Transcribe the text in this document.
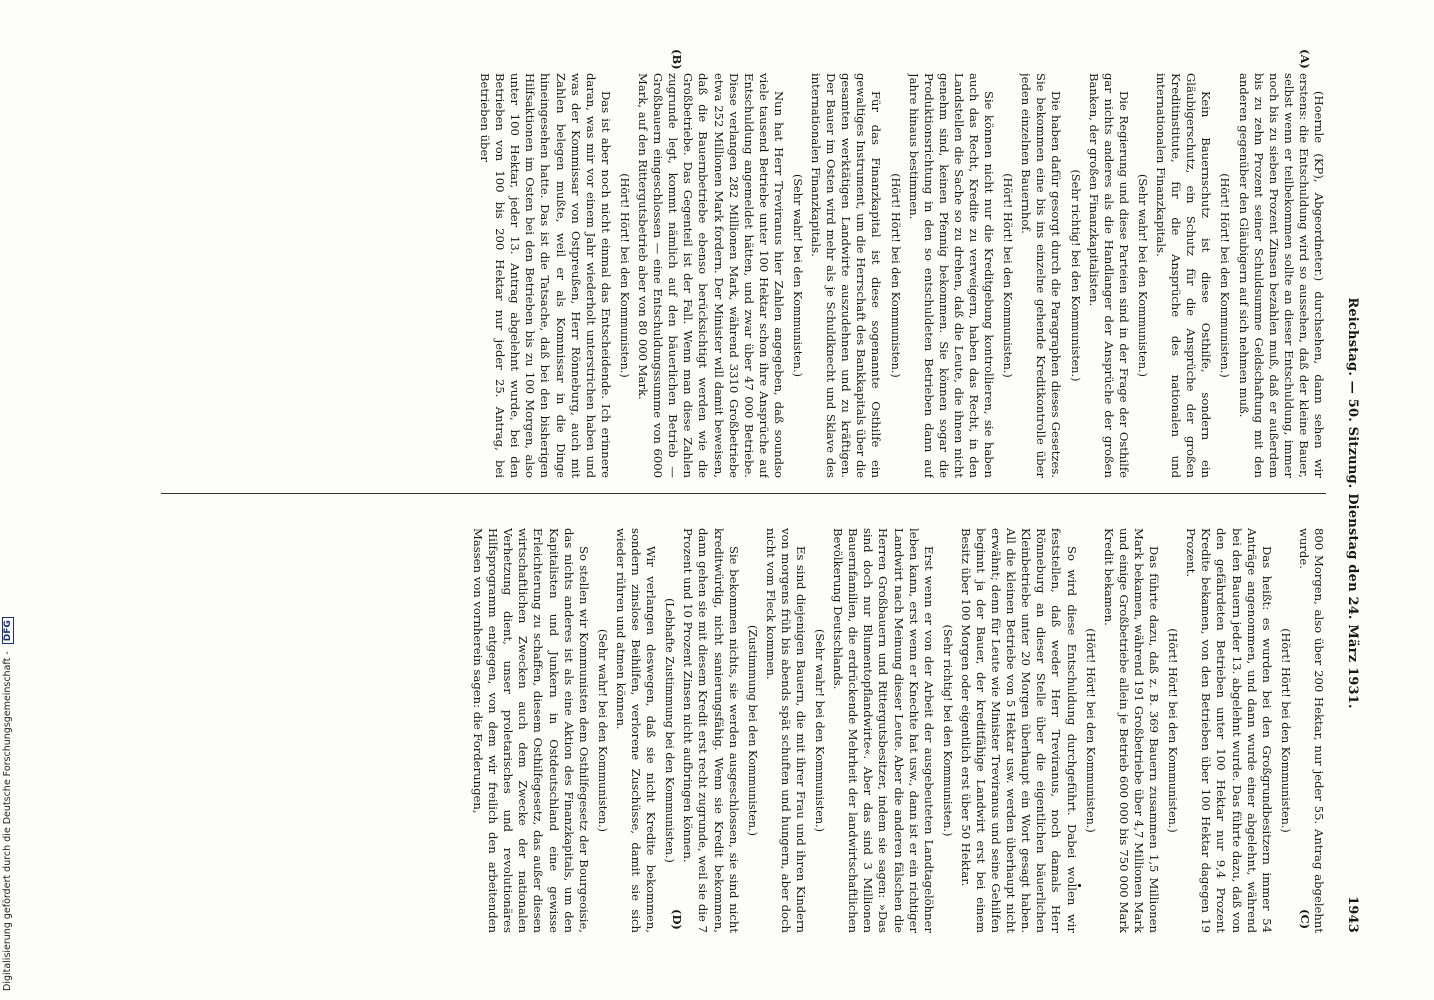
Digitalisierung gefördert durch die Deutsche Forschungsgemeinschaft - DFG	Reichstag. — 50. Sitzung. Dienstag den 24. März 1931.
1943
(A)
(B)
(C)
(D)

(Hoernle (KP), Abgeordneter.) durchsehen, dann sehen wir erstens: die Entschuldung wird so aussehen, daß der kleine Bauer, selbst wenn er teilbekommen sollte an dieser Entschuldung, immer noch bis zu sieben Prozent Zinsen bezahlen muß, daß er außerdem bis zu zehn Prozent seiner Schuldsumme Geldschaftung mit den anderen gegenüber den Gläubigern auf sich nehmen muß.

(Hört! Hört! bei den Kommunisten.)

Kein Bauernschutz ist diese Osthilfe, sondern ein Gläubigerschutz, ein Schutz für die Ansprüche der großen Kreditinstitute, für die Ansprüche des nationalen und internationalen Finanzkapitals.

(Sehr wahr! bei den Kommunisten.)

Die Regierung und diese Parteien sind in der Frage der Osthilfe gar nichts anderes als die Handlanger der Ansprüche der großen Banken, der großen Finanzkapitalisten.

(Sehr richtig! bei den Kommunisten.)

Die haben dafür gesorgt durch die Paragraphen dieses Gesetzes. Sie bekommen eine bis ins einzelne gehende Kreditkontrolle über jeden einzelnen Bauernhof.

(Hört! Hört! bei den Kommunisten.)

Sie können nicht nur die Kreditgebung kontrollieren, sie haben auch das Recht, Kredite zu verweigern, haben das Recht, in den Landstellen die Sache so zu drehen, daß die Leute, die ihnen nicht genehm sind, keinen Pfennig bekommen. Sie können sogar die Produktionsrichtung in den so entschuldeten Betrieben dann auf Jahre hinaus bestimmen.

(Hört! Hört! bei den Kommunisten.)

Für das Finanzkapital ist diese sogenannte Osthilfe ein gewaltiges Instrument, um die Herrschaft des Bankkapitals über die gesamten werktätigen Landwirte auszudehnen und zu kräftigen. Der Bauer im Osten wird mehr als je Schuldknecht und Sklave des internationalen Finanzkapitals.

(Sehr wahr! bei den Kommunisten.)

Nun hat Herr Treviranus hier Zahlen angegeben, daß soundso viele tausend Betriebe unter 100 Hektar schon ihre Ansprüche auf Entschuldung angemeldet hätten, und zwar über 47 000 Betriebe. Diese verlangen 282 Millionen Mark, während 3310 Großbetriebe etwa 252 Millionen Mark fordern. Der Minister will damit beweisen, daß die Bauernbetriebe ebenso berücksichtigt werden wie die Großbetriebe. Das Gegenteil ist der Fall. Wenn man diese Zahlen zugrunde legt, kommt nämlich auf den bäuerlichen Betrieb — Großbauern eingeschlossen — eine Entschuldungssumme von 6000 Mark, auf den Rittergutsbetrieb aber von 80 000 Mark.

(Hört! Hört! bei den Kommunisten.)

Das ist aber noch nicht einmal das Entscheidende. Ich erinnere daran, was mir vor einem Jahr wiederholt unterstrichen haben und was der Kommissar von Ostpreußen, Herr Rönneburg, auch mit Zahlen belegen mußte, weil er als Kommissar in die Dinge hineingesehen hatte. Das ist die Tatsache, daß bei den bisherigen Hilfsaktionen im Osten bei den Betrieben bis zu 100 Morgen, also unter 100 Hektar, jeder 13. Antrag abgelehnt wurde, bei den Betrieben von 100 bis 200 Hektar nur jeder 25. Antrag, bei Betrieben über

800 Morgen, also über 200 Hektar, nur jeder 55. Antrag abgelehnt wurde.

(Hört! Hört! bei den Kommunisten.)

Das heißt: es wurden bei den Großgrundbesitzern immer 54 Anträge angenommen, und dann wurde einer abgelehnt, während bei den Bauern jeder 13. abgelehnt wurde. Das führte dazu, daß von den gefährdeten Betrieben unter 100 Hektar nur 9,4 Prozent Kredite bekamen, von den Betrieben über 100 Hektar dagegen 19 Prozent.

(Hört! Hört! bei den Kommunisten.)

Das führte dazu, daß z. B. 369 Bauern zusammen 1,5 Millionen Mark bekamen, während 191 Großbetriebe über 4,7 Millionen Mark und einige Großbetriebe allein je Betrieb 600 000 bis 750 000 Mark Kredit bekamen.

(Hört! Hört! bei den Kommunisten.)

So wird diese Entschuldung durchgeführt. Dabei wollen wir feststellen, daß weder Herr Treviranus, noch damals Herr Rönneburg an dieser Stelle über die eigentlichen bäuerlichen Kleinbetriebe unter 20 Morgen überhaupt ein Wort gesagt haben. All die kleinen Betriebe von 5 Hektar usw. werden überhaupt nicht erwähnt; denn für Leute wie Minister Treviranus und seine Gehilfen beginnt ja der Bauer, der kreditfähige Landwirt erst bei einem Besitz über 100 Morgen oder eigentlich erst über 50 Hektar.

(Sehr richtig! bei den Kommunisten.)

Erst wenn er von der Arbeit der ausgebeuteten Landtagelöhner leben kann, erst wenn er Knechte hat usw., dann ist er ein richtiger Landwirt nach Meinung dieser Leute. Aber die anderen fälschen die Herren Großbauern und Rittergutsbesitzer, indem sie sagen: »Das sind doch nur Blumentopflandwirte«. Aber das sind 3 Millionen Bauernfamilien, die erdrückende Mehrheit der landwirtschaftlichen Bevölkerung Deutschlands.

(Sehr wahr! bei den Kommunisten.)

Es sind diejenigen Bauern, die mit ihrer Frau und ihren Kindern von morgens früh bis abends spät schuften und hungern, aber doch nicht vom Fleck kommen.

(Zustimmung bei den Kommunisten.)

Sie bekommen nichts, sie werden ausgeschlossen, sie sind nicht kreditwürdig, nicht sanierungsfähig. Wenn sie Kredit bekommen, dann gehen sie mit diesem Kredit erst recht zugrunde, weil sie die 7 Prozent und 10 Prozent Zinsen nicht aufbringen können.

(Lebhafte Zustimmung bei den Kommunisten.)

Wir verlangen deswegen, daß sie nicht Kredite bekommen, sondern zinslose Beihilfen, verlorene Zuschüsse, damit sie sich wieder rühren und atmen können.

(Sehr wahr! bei den Kommunisten.)

So stellen wir Kommunisten dem Osthilfegesetz der Bourgeoisie, das nichts anderes ist als eine Aktion des Finanzkapitals, um den Kapitalisten und Junkern in Ostdeutschland eine gewisse Erleichterung zu schaffen, diesem Osthilfegesetz, das außer diesen wirtschaftlichen Zwecken auch dem Zwecke der nationalen Verhetzung dient, unser proletarisches und revolutionäres Hilfsprogramm entgegen, von dem wir freilich den arbeitenden Massen von vornherein sagen: die Forderungen,
